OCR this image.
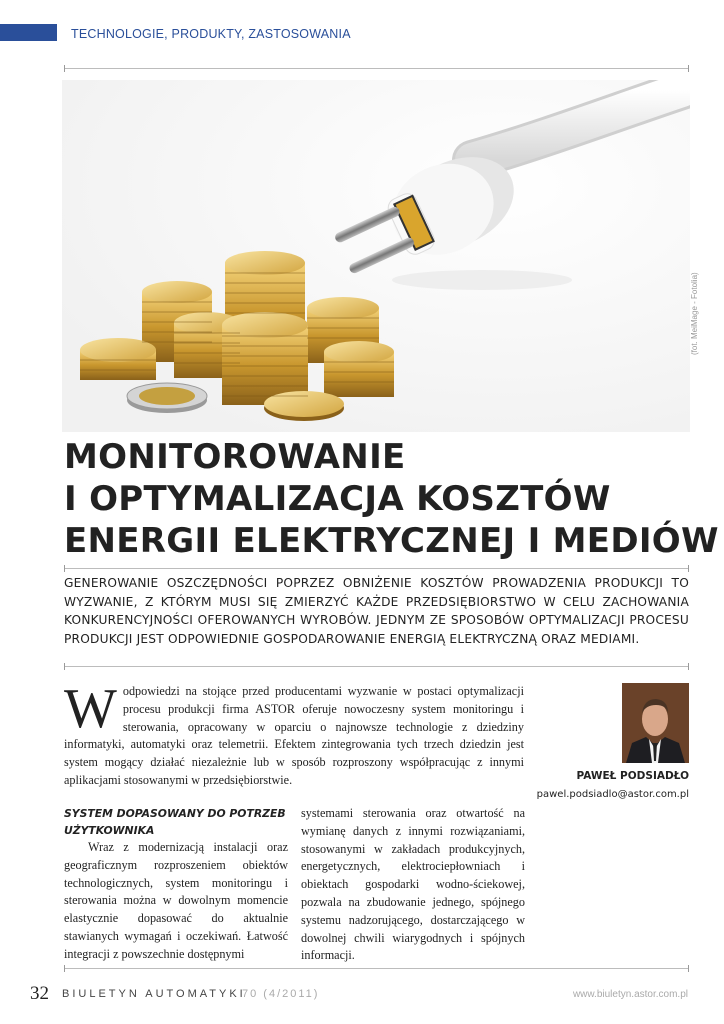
TECHNOLOGIE, PRODUKTY, ZASTOSOWANIA
(fot. MeiMage - Fotolia)
MONITOROWANIE
I OPTYMALIZACJA KOSZTÓW
ENERGII ELEKTRYCZNEJ I MEDIÓW

GENEROWANIE OSZCZĘDNOŚCI POPRZEZ OBNIŻENIE KOSZTÓW PROWADZENIA PRODUKCJI TO WYZWANIE, Z KTÓRYM MUSI SIĘ ZMIERZYĆ KAŻDE PRZEDSIĘBIORSTWO W CELU ZACHOWANIA KONKURENCYJNOŚCI OFEROWANYCH WYROBÓW. JEDNYM ZE SPOSOBÓW OPTYMALIZACJI PROCESU PRODUKCJI JEST ODPOWIEDNIE GOSPODAROWANIE ENERGIĄ ELEKTRYCZNĄ ORAZ MEDIAMI.

W odpowiedzi na stojące przed producentami wyzwanie w postaci optymalizacji procesu produkcji firma ASTOR oferuje nowoczesny system monitoringu i sterowania, opracowany w oparciu o najnowsze technologie z dziedziny informatyki, automatyki oraz telemetrii. Efektem zintegrowania tych trzech dziedzin jest system mogący działać niezależnie lub w sposób rozproszony współpracując z innymi aplikacjami stosowanymi w przedsiębiorstwie.	PAWEŁ PODSIADŁO
pawel.podsiadlo@astor.com.pl

SYSTEM DOPASOWANY DO POTRZEB UŻYTKOWNIKA

Wraz z modernizacją instalacji oraz geograficznym rozproszeniem obiektów technologicznych, system monitoringu i sterowania można w dowolnym momencie elastycznie dopasować do aktualnie stawianych wymagań i oczekiwań. Łatwość integracji z powszechnie dostępnymi

systemami sterowania oraz otwartość na wymianę danych z innymi rozwiązaniami, stosowanymi w zakładach produkcyjnych, energetycznych, elektrociepłowniach i obiektach gospodarki wodno-ściekowej, pozwala na zbudowanie jednego, spójnego systemu nadzorującego, dostarczającego w dowolnej chwili wiarygodnych i spójnych informacji.

32 BIULETYN AUTOMATYKI
70 (4/2011)	www.biuletyn.astor.com.pl
